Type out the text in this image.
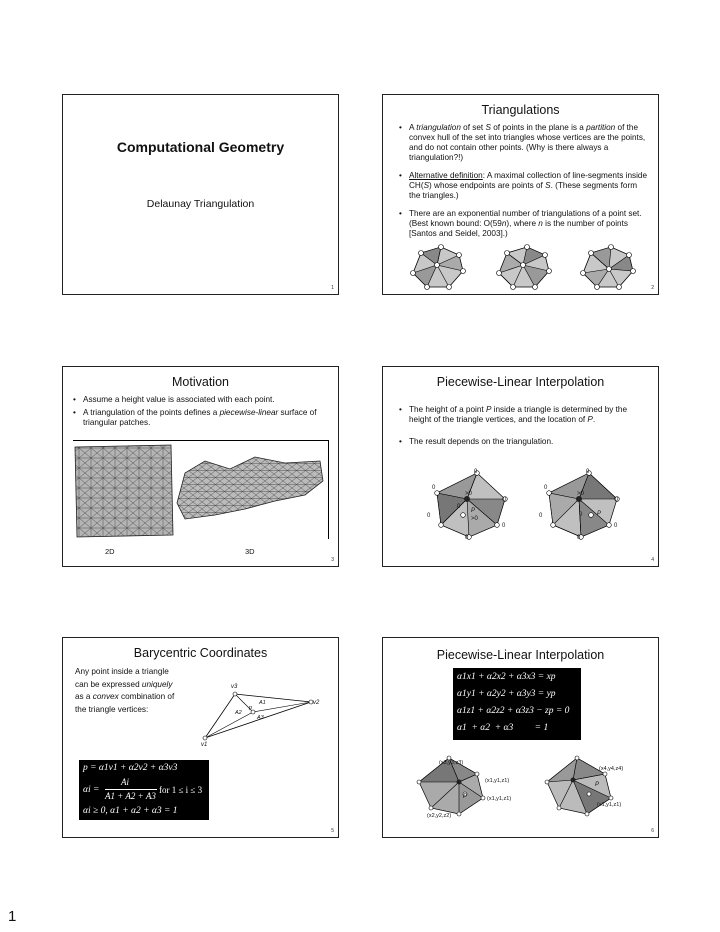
Computational Geometry
Delaunay Triangulation
1
Triangulations
• A triangulation of set S of points in the plane is a partition of the convex hull of the set into triangles whose vertices are the points, and do not contain other points. (Why is there always a triangulation?!)
• Alternative definition: A maximal collection of line-segments inside CH(S) whose endpoints are points of S. (These segments form the triangles.)
• There are an exponential number of triangulations of a point set. (Best known bound: O(59n), where n is the number of points [Santos and Seidel, 2003].)
2
Motivation
• Assume a height value is associated with each point.
• A triangulation of the points defines a piecewise-linear surface of triangular patches.
2D	3D
3
Piecewise-Linear Interpolation
• The height of a point P inside a triangle is determined by the height of the triangle vertices, and the location of P.
• The result depends on the triangulation.
0
0
0
>0
0
0
0
0
P
>0
0
0
0
>0
0
0
0
0 P
4
Barycentric Coordinates
Any point inside a triangle
can be expressed uniquely
as a convex combination of
the triangle vertices:
v3
v2
v1
A1
A2
A3
p
p = α1v1 + α2v2 + α3v3
αi =
Ai
A1 + A2 + A3
for 1 ≤ i ≤ 3
αi ≥ 0, α1 + α2 + α3 = 1
5
Piecewise-Linear Interpolation
α1x1 + α2x2 + α3x3 = xp
α1y1 + α2y2 + α3y3 = yp
α1z1 + α2z2 + α3z3 − zp = 0
α1  + α2  + α3         = 1
(x3,y3,z3)
(x4,y4,z4)
(x1,y1,z1)
(x1,y1,z1)
(x2,y2,z2)
(x1,y1,z1)
P
P
6
1
